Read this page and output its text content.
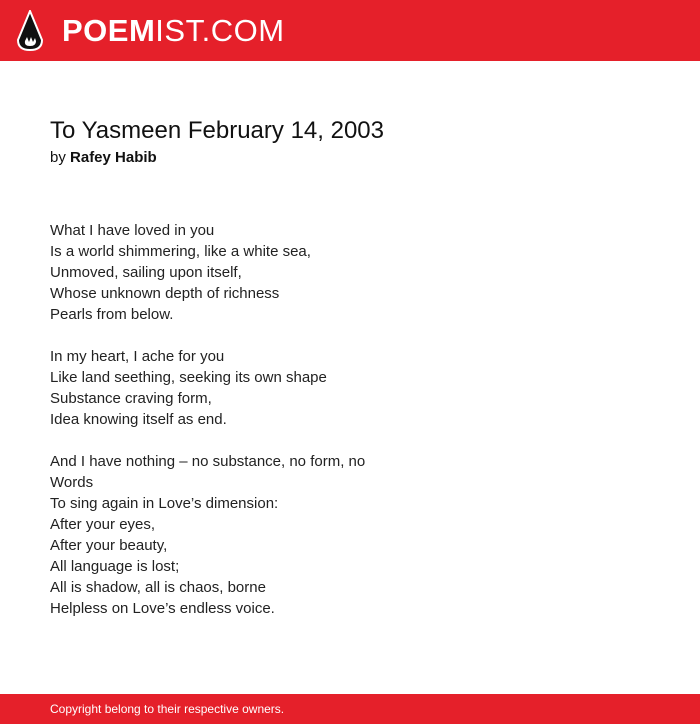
POEMIST.COM
To Yasmeen February 14, 2003
by Rafey Habib
What I have loved in you
Is a world shimmering, like a white sea,
Unmoved, sailing upon itself,
Whose unknown depth of richness
Pearls from below.
In my heart, I ache for you
Like land seething, seeking its own shape
Substance craving form,
Idea knowing itself as end.
And I have nothing – no substance, no form, no
Words
To sing again in Love’s dimension:
After your eyes,
After your beauty,
All language is lost;
All is shadow, all is chaos, borne
Helpless on Love’s endless voice.
Copyright belong to their respective owners.
